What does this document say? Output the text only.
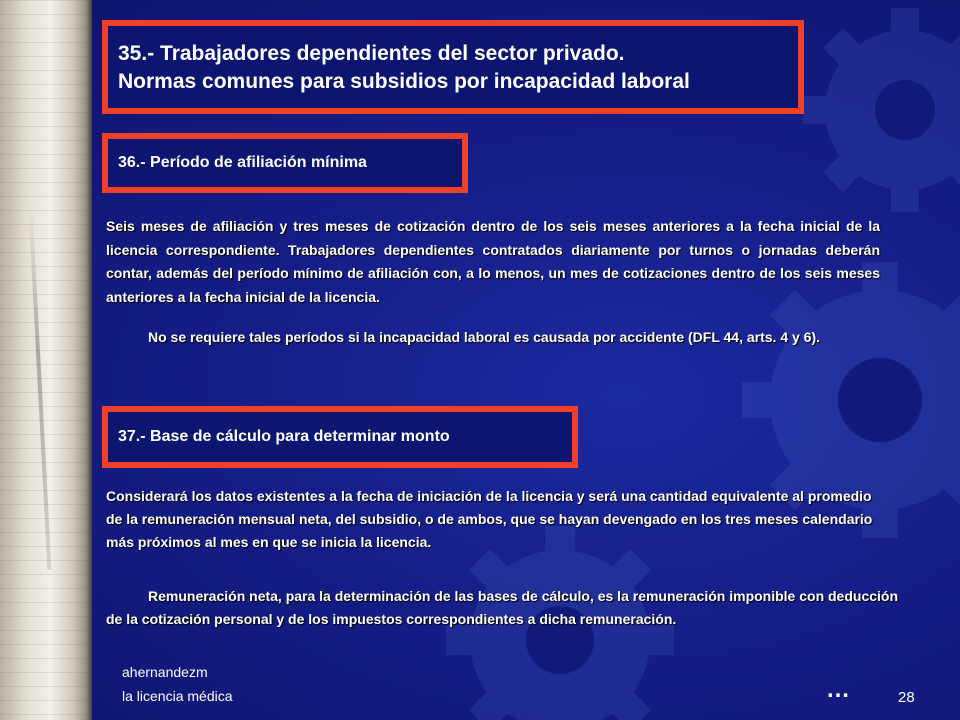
35.- Trabajadores dependientes del sector privado.
Normas comunes para subsidios por incapacidad laboral
36.- Período de afiliación mínima

Seis meses de afiliación y tres meses de cotización dentro de los seis meses anteriores a la fecha inicial de la licencia correspondiente. Trabajadores dependientes contratados diariamente por turnos o jornadas deberán contar, además del período mínimo de afiliación con, a lo menos, un mes de cotizaciones dentro de los seis meses anteriores a la fecha inicial de la licencia.

No se requiere tales períodos si la incapacidad laboral es causada por accidente (DFL 44, arts. 4 y 6).

37.- Base de cálculo para determinar monto

Considerará los datos existentes a la fecha de iniciación de la licencia y será una cantidad equivalente al promedio de la remuneración mensual neta, del subsidio, o de ambos, que se hayan devengado en los tres meses calendario más próximos al mes en que se inicia la licencia.

Remuneración neta, para la determinación de las bases de cálculo, es la remuneración imponible con deducción de la cotización personal y de los impuestos correspondientes a dicha remuneración.

ahernandezm
la licencia médica	…	28
